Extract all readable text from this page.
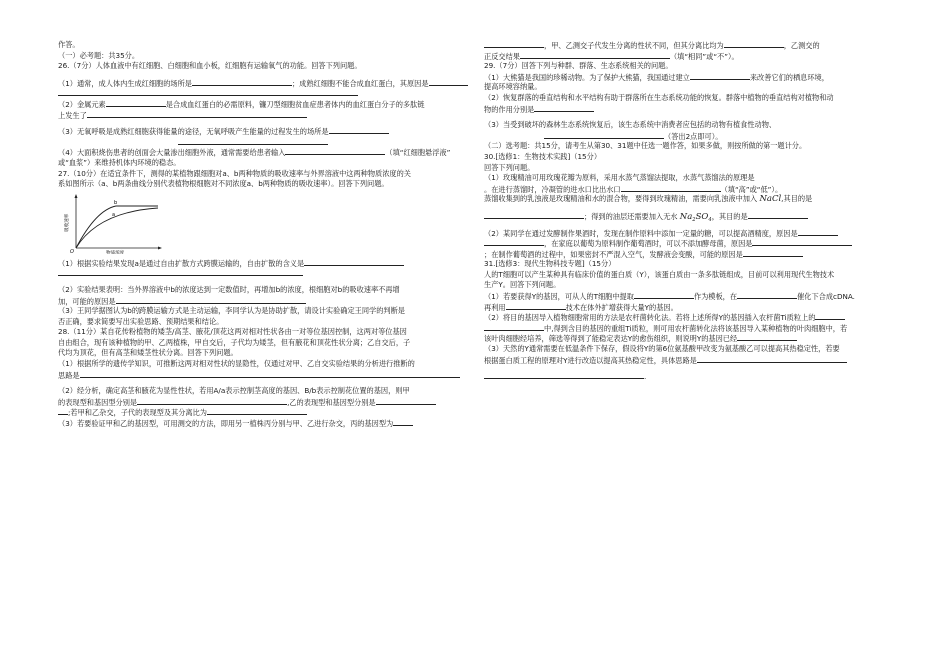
作答。
（一）必考题：共35分。
26.（7分）人体血液中有红细胞、白细胞和血小板，红细胞有运输氧气的功能。回答下列问题。
（1）通常，成人体内生成红细胞的场所是	；成熟红细胞不能合成血红蛋白，其原因是
（2）金属元素	是合成血红蛋白的必需原料，镰刀型细胞贫血症患者体内的血红蛋白分子的多肽链
上发生了
（3）无氧呼吸是成熟红细胞获得能量的途径，无氧呼吸产生能量的过程发生的场所是
（4）大面积烧伤患者的创面会大量渗出细胞外液，通常需要给患者输入	（填“红细胞悬浮液”
或“血浆”）来维持机体内环境的稳态。
27.（10分）在适宜条件下，测得的某植物跟细胞对a、b两种物质的吸收速率与外界溶液中这两种物质浓度的关
系如图所示（a、b两条曲线分别代表植物根细胞对不同浓度a、b两种物质的吸收速率）。回答下列问题。
吸收速率
物质浓度
O
a
b
（1）根据实验结果发现a是通过自由扩散方式跨膜运输的，自由扩散的含义是
（2）实验结果表明：当外界溶液中b的浓度达到一定数值时，再增加b的浓度，根细胞对b的吸收速率不再增
加，可能的原因是
（3）王同学据图认为b的跨膜运输方式是主动运输，李同学认为是协助扩散，请设计实验确定王同学的判断是
否正确，要求简要写出实验思路、预期结果和结论。
28.（11分）某自花传粉植物的矮茎/高茎、腋花/顶花这两对相对性状各由一对等位基因控制，这两对等位基因
自由组合，现有该种植物的甲、乙两植株，甲自交后，子代均为矮茎，但有腋花和顶花性状分离；乙自交后，子
代均为顶花，但有高茎和矮茎性状分离。回答下列问题。
（1）根据所学的遗传学知识，可推断这两对相对性状的显隐性，仅通过对甲、乙自交实验结果的分析进行推断的
思路是
（2）经分析，确定高茎和腋花为显性性状，若用A/a表示控制茎高度的基因、B/b表示控制花位置的基因，则甲
的表现型和基因型分别是	,乙的表现型和基因型分别是
;若甲和乙杂交，子代的表现型及其分离比为
（3）若要验证甲和乙的基因型，可用测交的方法，即用另一植株丙分别与甲、乙进行杂交，丙的基因型为
，甲、乙测交子代发生分离的性状不同，但其分离比均为	，乙测交的
正反交结果	（填“相同”或“不”）。
29.（7分）回答下列与种群、群落、生态系统相关的问题。
（1）大熊猫是我国的珍稀动物。为了保护大熊猫，我国通过建立	来改善它们的栖息环境，
提高环境容纳量。
（2）恢复群落的垂直结构和水平结构有助于群落所在生态系统功能的恢复。群落中植物的垂直结构对植物和动
物的作用分别是
（3）当受到破坏的森林生态系统恢复后，该生态系统中消费者应包括的动物有植食性动物、
（答出2点即可）。
（二）选考题：共15分，请考生从第30、31题中任选一题作答，如果多做，则按所做的第一题计分。
30.[选修1：生物技术实践]（15分）
回答下列问题。
（1）玫瑰精油可用玫瑰花瓣为原料，采用水蒸气蒸馏法提取，水蒸气蒸馏法的原理是
。在进行蒸馏时，冷凝管的进水口比出水口	（填“高”或“低”）。
蒸馏收集到的乳浊液是玫瑰精油和水的混合物，要得到玫瑰精油，需要向乳浊液中加入 NaCl,其目的是
；得到的油层还需要加入无水 $Na_2SO_4$，其目的是
（2）某同学在通过发酵制作果酒时，发现在制作原料中添加一定量的糖，可以提高酒精度，原因是
，在家庭以葡萄为原料制作葡萄酒时，可以不添加酵母菌，原因是
；在制作葡萄酒的过程中，如果密封不严混入空气，发酵液会变酸，可能的原因是
31.[选修3：现代生物科技专题]（15分）
人的T细胞可以产生某种具有临床价值的蛋白质（Y），该蛋白质由一条多肽链组成，目前可以利用现代生物技术
生产Y。回答下列问题。
（1）若要获得Y的基因，可从人的T细胞中提取	作为模板，在	催化下合成cDNA.
再利用	技术在体外扩增获得大量Y的基因。
（2）将目的基因导入植物细胞常用的方法是农杆菌转化法。若将上述所得Y的基因插入农杆菌Ti质粒上的
中,得到含目的基因的重组Ti质粒，则可用农杆菌转化法将该基因导入某种植物的叶肉细胞中，若
该叶肉细胞经培养，筛选等得到了能稳定表达Y的愈伤组织，则说明Y的基因已经
（3）天然的Y通常需要在低温条件下保存，假设将Y的第6位氨基酸甲改变为氨基酸乙可以提高其热稳定性，若要
根据蛋白质工程的原理对Y进行改造以提高其热稳定性，具体思路是
.
